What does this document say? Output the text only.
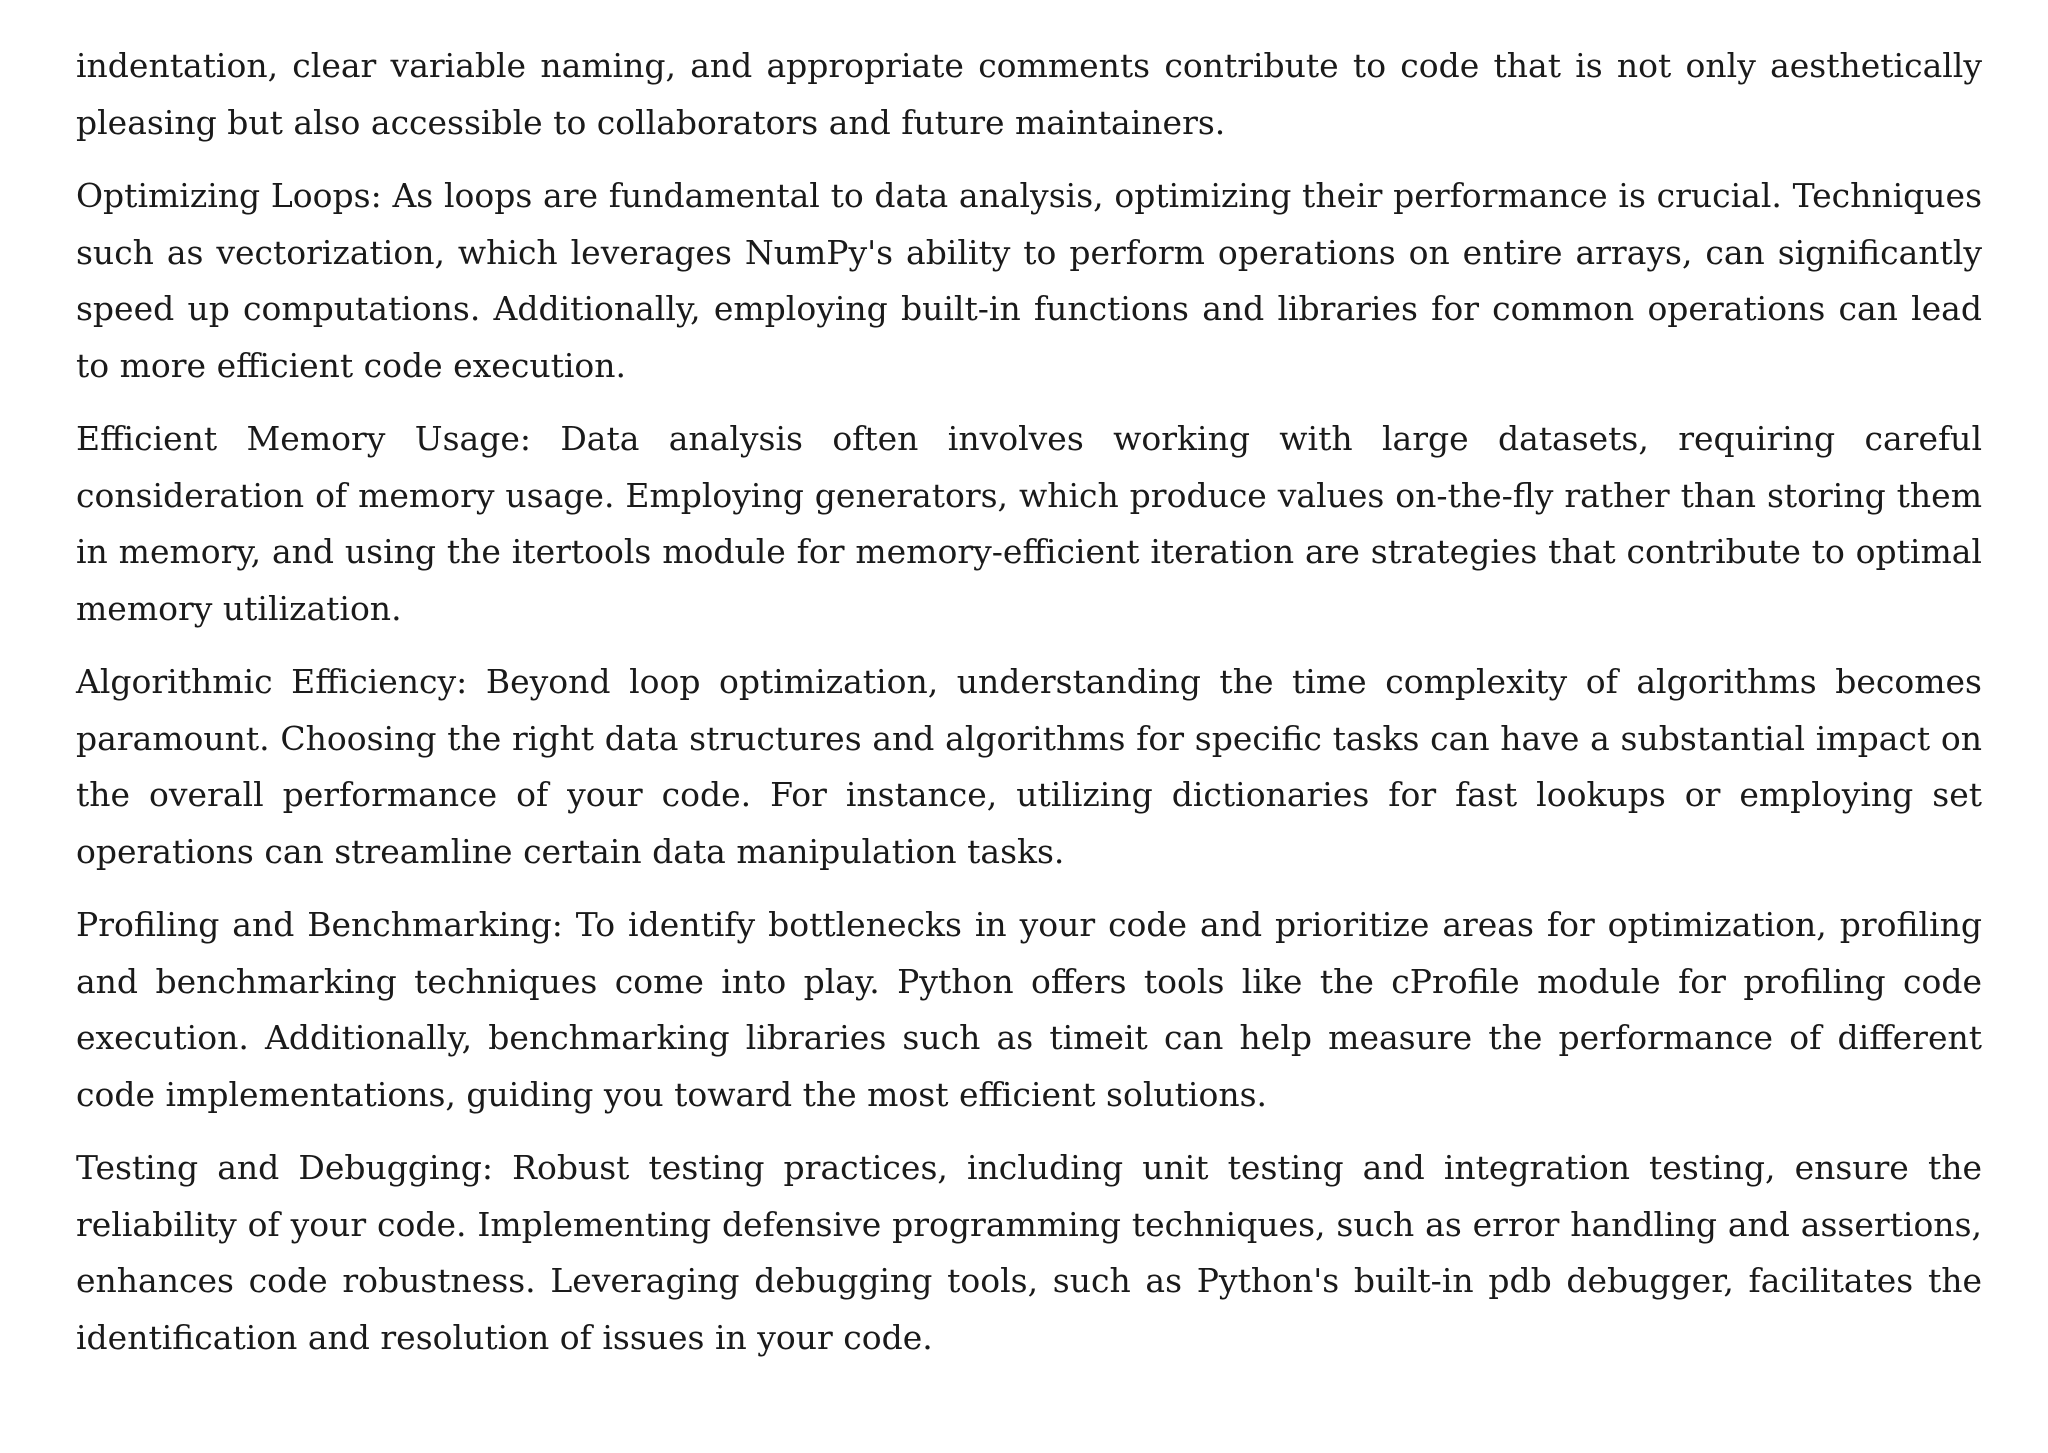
indentation, clear variable naming, and appropriate comments contribute to code that is not only aesthetically pleasing but also accessible to collaborators and future maintainers.

Optimizing Loops: As loops are fundamental to data analysis, optimizing their performance is crucial. Techniques such as vectorization, which leverages NumPy's ability to perform operations on entire arrays, can significantly speed up computations. Additionally, employing built-in functions and libraries for common operations can lead to more efficient code execution.

Efficient Memory Usage: Data analysis often involves working with large datasets, requiring careful consideration of memory usage. Employing generators, which produce values on-the-fly rather than storing them in memory, and using the itertools module for memory-efficient iteration are strategies that contribute to optimal memory utilization.

Algorithmic Efficiency: Beyond loop optimization, understanding the time complexity of algorithms becomes paramount. Choosing the right data structures and algorithms for specific tasks can have a substantial impact on the overall performance of your code. For instance, utilizing dictionaries for fast lookups or employing set operations can streamline certain data manipulation tasks.

Profiling and Benchmarking: To identify bottlenecks in your code and prioritize areas for optimization, profiling and benchmarking techniques come into play. Python offers tools like the cProfile module for profiling code execution. Additionally, benchmarking libraries such as timeit can help measure the performance of different code implementations, guiding you toward the most efficient solutions.

Testing and Debugging: Robust testing practices, including unit testing and integration testing, ensure the reliability of your code. Implementing defensive programming techniques, such as error handling and assertions, enhances code robustness. Leveraging debugging tools, such as Python's built-in pdb debugger, facilitates the identification and resolution of issues in your code.
